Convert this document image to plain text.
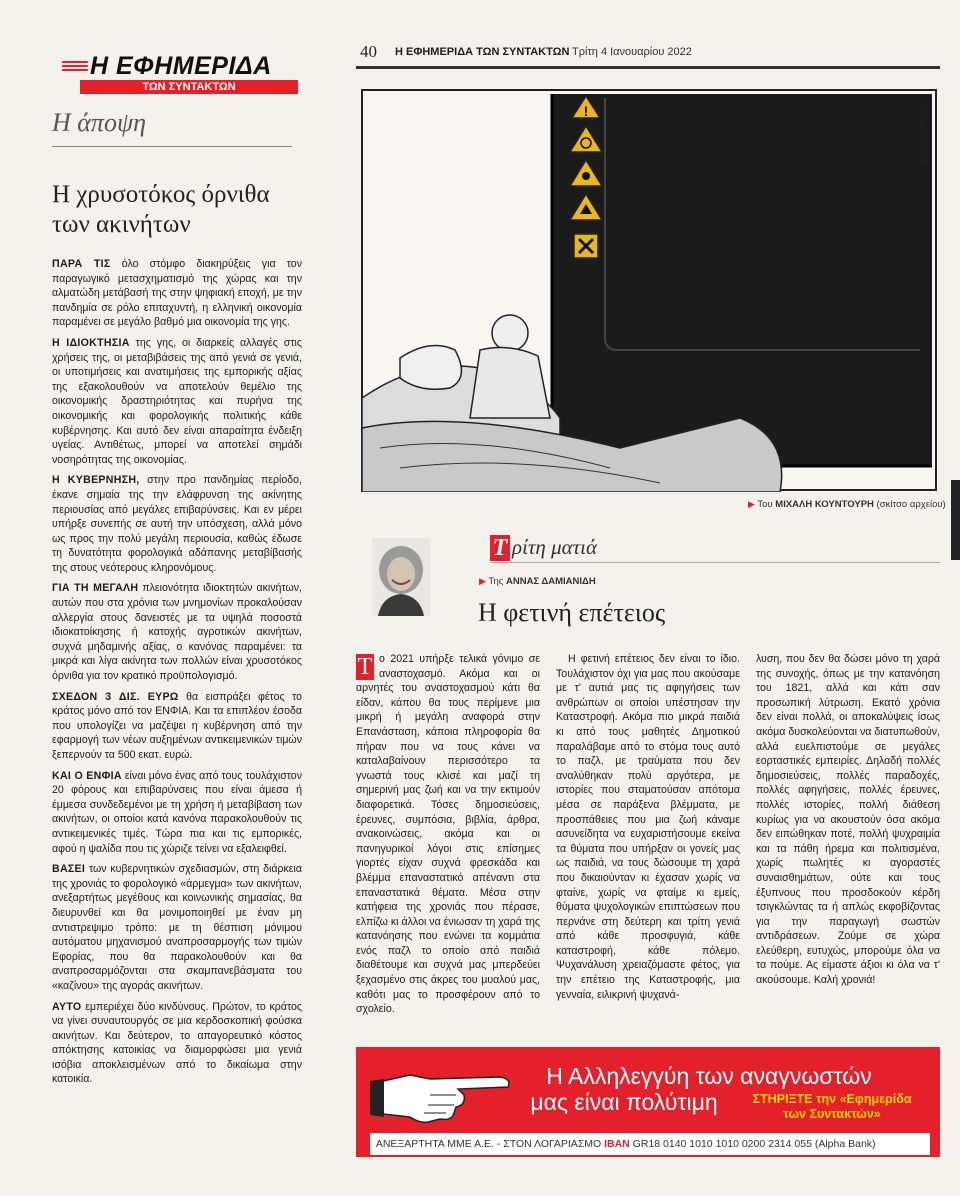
Η ΕΦΗΜΕΡΙΔΑ
ΤΩΝ ΣΥΝΤΑΚΤΩΝ
Η άποψη
Η χρυσοτόκος όρνιθα των ακινήτων

ΠΑΡΑ ΤΙΣ όλο στόμφο διακηρύξεις για τον παραγωγικό μετασχηματισμό της χώρας και την αλματώδη μετάβασή της στην ψηφιακή εποχή, με την πανδημία σε ρόλο επιταχυντή, η ελληνική οικονομία παραμένει σε μεγάλο βαθμό μια οικονομία της γης.

Η ΙΔΙΟΚΤΗΣΙΑ της γης, οι διαρκείς αλλαγές στις χρήσεις της, οι μεταβιβάσεις της από γενιά σε γενιά, οι υποτιμήσεις και ανατιμήσεις της εμπορικής αξίας της εξακολουθούν να αποτελούν θεμέλιο της οικονομικής δραστηριότητας και πυρήνα της οικονομικής και φορολογικής πολιτικής κάθε κυβέρνησης. Και αυτό δεν είναι απαραίτητα ένδειξη υγείας. Αντιθέτως, μπορεί να αποτελεί σημάδι νοσηρότητας της οικονομίας.

Η ΚΥΒΕΡΝΗΣΗ, στην προ πανδημίας περίοδο, έκανε σημαία της την ελάφρυνση της ακίνητης περιουσίας από μεγάλες επιβαρύνσεις. Και εν μέρει υπήρξε συνεπής σε αυτή την υπόσχεση, αλλά μόνο ως προς την πολύ μεγάλη περιουσία, καθώς έδωσε τη δυνατότητα φορολογικά αδάπανης μεταβίβασής της στους νεότερους κληρονόμους.

ΓΙΑ ΤΗ ΜΕΓΑΛΗ πλειονότητα ιδιοκτητών ακινήτων, αυτών που στα χρόνια των μνημονίων προκαλούσαν αλλεργία στους δανειστές με τα υψηλά ποσοστά ιδιοκατοίκησης ή κατοχής αγροτικών ακινήτων, συχνά μηδαμινής αξίας, ο κανόνας παραμένει: τα μικρά και λίγα ακίνητα των πολλών είναι χρυσοτόκος όρνιθα για τον κρατικό προϋπολογισμό.

ΣΧΕΔΟΝ 3 ΔΙΣ. ΕΥΡΩ θα εισπράξει φέτος το κράτος μόνο από τον ΕΝΦΙΑ. Και τα επιπλέον έσοδα που υπολογίζει να μαζέψει η κυβέρνηση από την εφαρμογή των νέων αυξημένων αντικειμενικών τιμών ξεπερνούν τα 500 εκατ. ευρώ.

ΚΑΙ Ο ΕΝΦΙΑ είναι μόνο ένας από τους τουλάχιστον 20 φόρους και επιβαρύνσεις που είναι άμεσα ή έμμεσα συνδεδεμένοι με τη χρήση ή μεταβίβαση των ακινήτων, οι οποίοι κατά κανόνα παρακολουθούν τις αντικειμενικές τιμές. Τώρα πια και τις εμπορικές, αφού η ψαλίδα που τις χώριζε τείνει να εξαλειφθεί.

ΒΑΣΕΙ των κυβερνητικών σχεδιασμών, στη διάρκεια της χρονιάς το φορολογικό «άρμεγμα» των ακινήτων, ανεξαρτήτως μεγέθους και κοινωνικής σημασίας, θα διευρυνθεί και θα μονιμοποιηθεί με έναν μη αντιστρεψιμο τρόπο: με τη θέσπιση μόνιμου αυτόματου μηχανισμού αναπροσαρμογής των τιμών Εφορίας, που θα παρακολουθούν και θα αναπροσαρμόζονται στα σκαμπανεβάσματα του «καζίνου» της αγοράς ακινήτων.

ΑΥΤΟ εμπεριέχει δύο κινδύνους. Πρώτον, το κράτος να γίνει συναυτουργός σε μια κερδοσκοπική φούσκα ακινήτων. Και δεύτερον, το απαγορευτικό κόστος απόκτησης κατοικίας να διαμορφώσει μια γενιά ισόβια αποκλεισμένων από το δικαίωμα στην κατοικία.

40 Η ΕΦΗΜΕΡΙΔΑ ΤΩΝ ΣΥΝΤΑΚΤΩΝ Τρίτη 4 Ιανουαρίου 2022
!	ΚΟΥΝΤΟΥΡΗΣ
▶ Του ΜΙΧΑΛΗ ΚΟΥΝΤΟΥΡΗ (σκίτσο αρχείου)
Τ ρίτη ματιά
▶ Της ΑΝΝΑΣ ΔΑΜΙΑΝΙΔΗ
Η φετινή επέτειος
Τ ο 2021 υπήρξε τελικά γόνιμο σε αναστοχασμό. Ακόμα και οι αρνητές του αναστοχασμού κάτι θα είδαν, κάπου θα τους περίμενε μια μικρή ή μεγάλη αναφορά στην Επανάσταση, κάποια πληροφορία θα πήραν που να τους κάνει να καταλαβαίνουν περισσότερο τα γνωστά τους κλισέ και μαζί τη σημερινή μας ζωή και να την εκτιμούν διαφορετικά. Τόσες δημοσιεύσεις, έρευνες, συμπόσια, βιβλία, άρθρα, ανακοινώσεις, ακόμα και οι πανηγυρικοί λόγοι στις επίσημες γιορτές είχαν συχνά φρεσκάδα και βλέμμα επαναστατικό απέναντι στα επαναστατικά θέματα. Μέσα στην κατήφεια της χρονιάς που πέρασε, ελπίζω κι άλλοι να ένιωσαν τη χαρά της κατανόησης που ενώνει τα κομμάτια ενός παζλ το οποίο από παιδιά διαθέτουμε και συχνά μας μπερδεύει ξεχασμένο στις άκρες του μυαλού μας, καθότι μας το προσφέρουν από το σχολείο.
Η φετινή επέτειος δεν είναι το ίδιο. Τουλάχιστον όχι για μας που ακούσαμε με τ' αυτιά μας τις αφηγήσεις των ανθρώπων οι οποίοι υπέστησαν την Καταστροφή. Ακόμα πιο μικρά παιδιά κι από τους μαθητές Δημοτικού παραλάβαμε από το στόμα τους αυτό το παζλ, με τραύματα που δεν αναλύθηκαν πολύ αργότερα, με ιστορίες που σταματούσαν απότομα μέσα σε παράξενα βλέμματα, με προσπάθειες που μια ζωή κάναμε ασυνείδητα να ευχαριστήσουμε εκείνα τα θύματα που υπήρξαν οι γονείς μας ως παιδιά, να τους δώσουμε τη χαρά που δικαιούνταν κι έχασαν χωρίς να φταίνε, χωρίς να φταίμε κι εμείς, θύματα ψυχολογικών επιπτώσεων που περνάνε στη δεύτερη και τρίτη γενιά από κάθε προσφυγιά, κάθε καταστροφή, κάθε πόλεμο. Ψυχανάλυση χρειαζόμαστε φέτος, για την επέτειο της Καταστροφής, μια γενναία, ειλικρινή ψυχανά-
λυση, που δεν θα δώσει μόνο τη χαρά της συνοχής, όπως με την κατανόηση του 1821, αλλά και κάτι σαν προσωπική λύτρωση. Εκατό χρόνια δεν είναι πολλά, οι αποκαλύψεις ίσως ακόμα δυσκολεύονται να διατυπωθούν, αλλά ευελπιστούμε σε μεγάλες εορταστικές εμπειρίες. Δηλαδή πολλές δημοσιεύσεις, πολλές παραδοχές, πολλές αφηγήσεις, πολλές έρευνες, πολλές ιστορίες, πολλή διάθεση κυρίως για να ακουστούν όσα ακόμα δεν ειπώθηκαν ποτέ, πολλή ψυχραιμία και τα πάθη ήρεμα και πολιτισμένα, χωρίς πωλητές κι αγοραστές συναισθημάτων, ούτε και τους έξυπνους που προσδοκούν κέρδη τσιγκλώντας τα ή απλώς εκφοβίζοντας για την παραγωγή σωστών αντιδράσεων. Ζούμε σε χώρα ελεύθερη, ευτυχώς, μπορούμε όλα να τα πούμε. Ας είμαστε άξιοι κι όλα να τ' ακούσουμε. Καλή χρονιά!
Η Αλληλεγγύη των αναγνωστών
μας είναι πολύτιμη	ΣΤΗΡΙΞΤΕ την «Εφημερίδα
των Συντακτών»
ΑΝΕΞΑΡΤΗΤΑ ΜΜΕ Α.Ε. - ΣΤΟΝ ΛΟΓΑΡΙΑΣΜΟ IBAN GR18 0140 1010 1010 0200 2314 055 (Alpha Bank)
